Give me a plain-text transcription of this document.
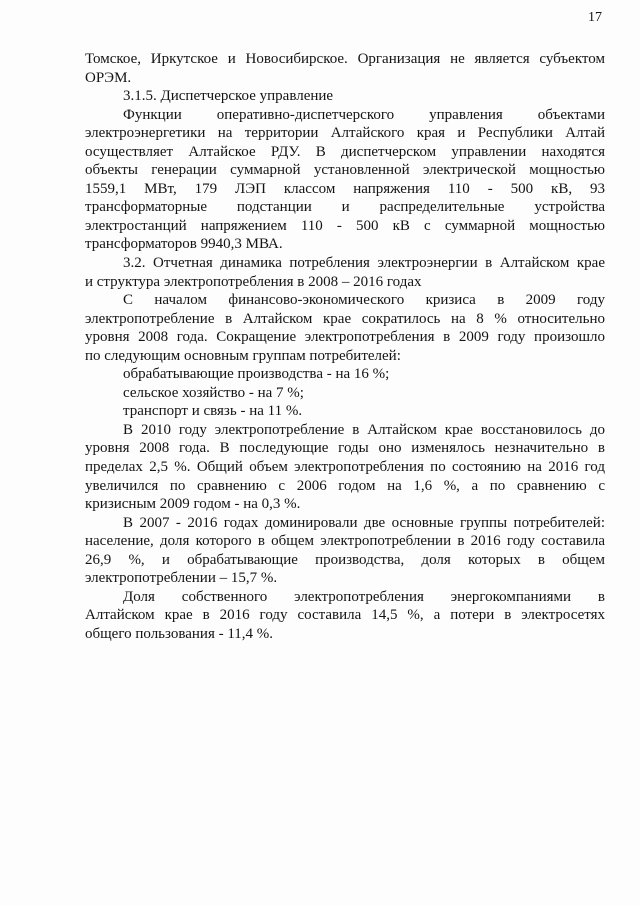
17
Томское, Иркутское и Новосибирское. Организация не является субъектом
ОРЭМ.
3.1.5. Диспетчерское управление
Функции оперативно-диспетчерского управления объектами
электроэнергетики на территории Алтайского края и Республики Алтай
осуществляет Алтайское РДУ. В диспетчерском управлении находятся
объекты генерации суммарной установленной электрической мощностью
1559,1 МВт, 179 ЛЭП классом напряжения 110 - 500 кВ, 93
трансформаторные подстанции и распределительные устройства
электростанций напряжением 110 - 500 кВ с суммарной мощностью
трансформаторов 9940,3 МВА.
3.2. Отчетная динамика потребления электроэнергии в Алтайском крае
и структура электропотребления в 2008 – 2016 годах
С началом финансово-экономического кризиса в 2009 году
электропотребление в Алтайском крае сократилось на 8 % относительно
уровня 2008 года. Сокращение электропотребления в 2009 году произошло
по следующим основным группам потребителей:
обрабатывающие производства - на 16 %;
сельское хозяйство - на 7 %;
транспорт и связь - на 11 %.
В 2010 году электропотребление в Алтайском крае восстановилось до
уровня 2008 года. В последующие годы оно изменялось незначительно в
пределах 2,5 %. Общий объем электропотребления по состоянию на 2016 год
увеличился по сравнению с 2006 годом на 1,6 %, а по сравнению с
кризисным 2009 годом - на 0,3 %.
В 2007 - 2016 годах доминировали две основные группы потребителей:
население, доля которого в общем электропотреблении в 2016 году составила
26,9 %, и обрабатывающие производства, доля которых в общем
электропотреблении – 15,7 %.
Доля собственного электропотребления энергокомпаниями в
Алтайском крае в 2016 году составила 14,5 %, а потери в электросетях
общего пользования - 11,4 %.
